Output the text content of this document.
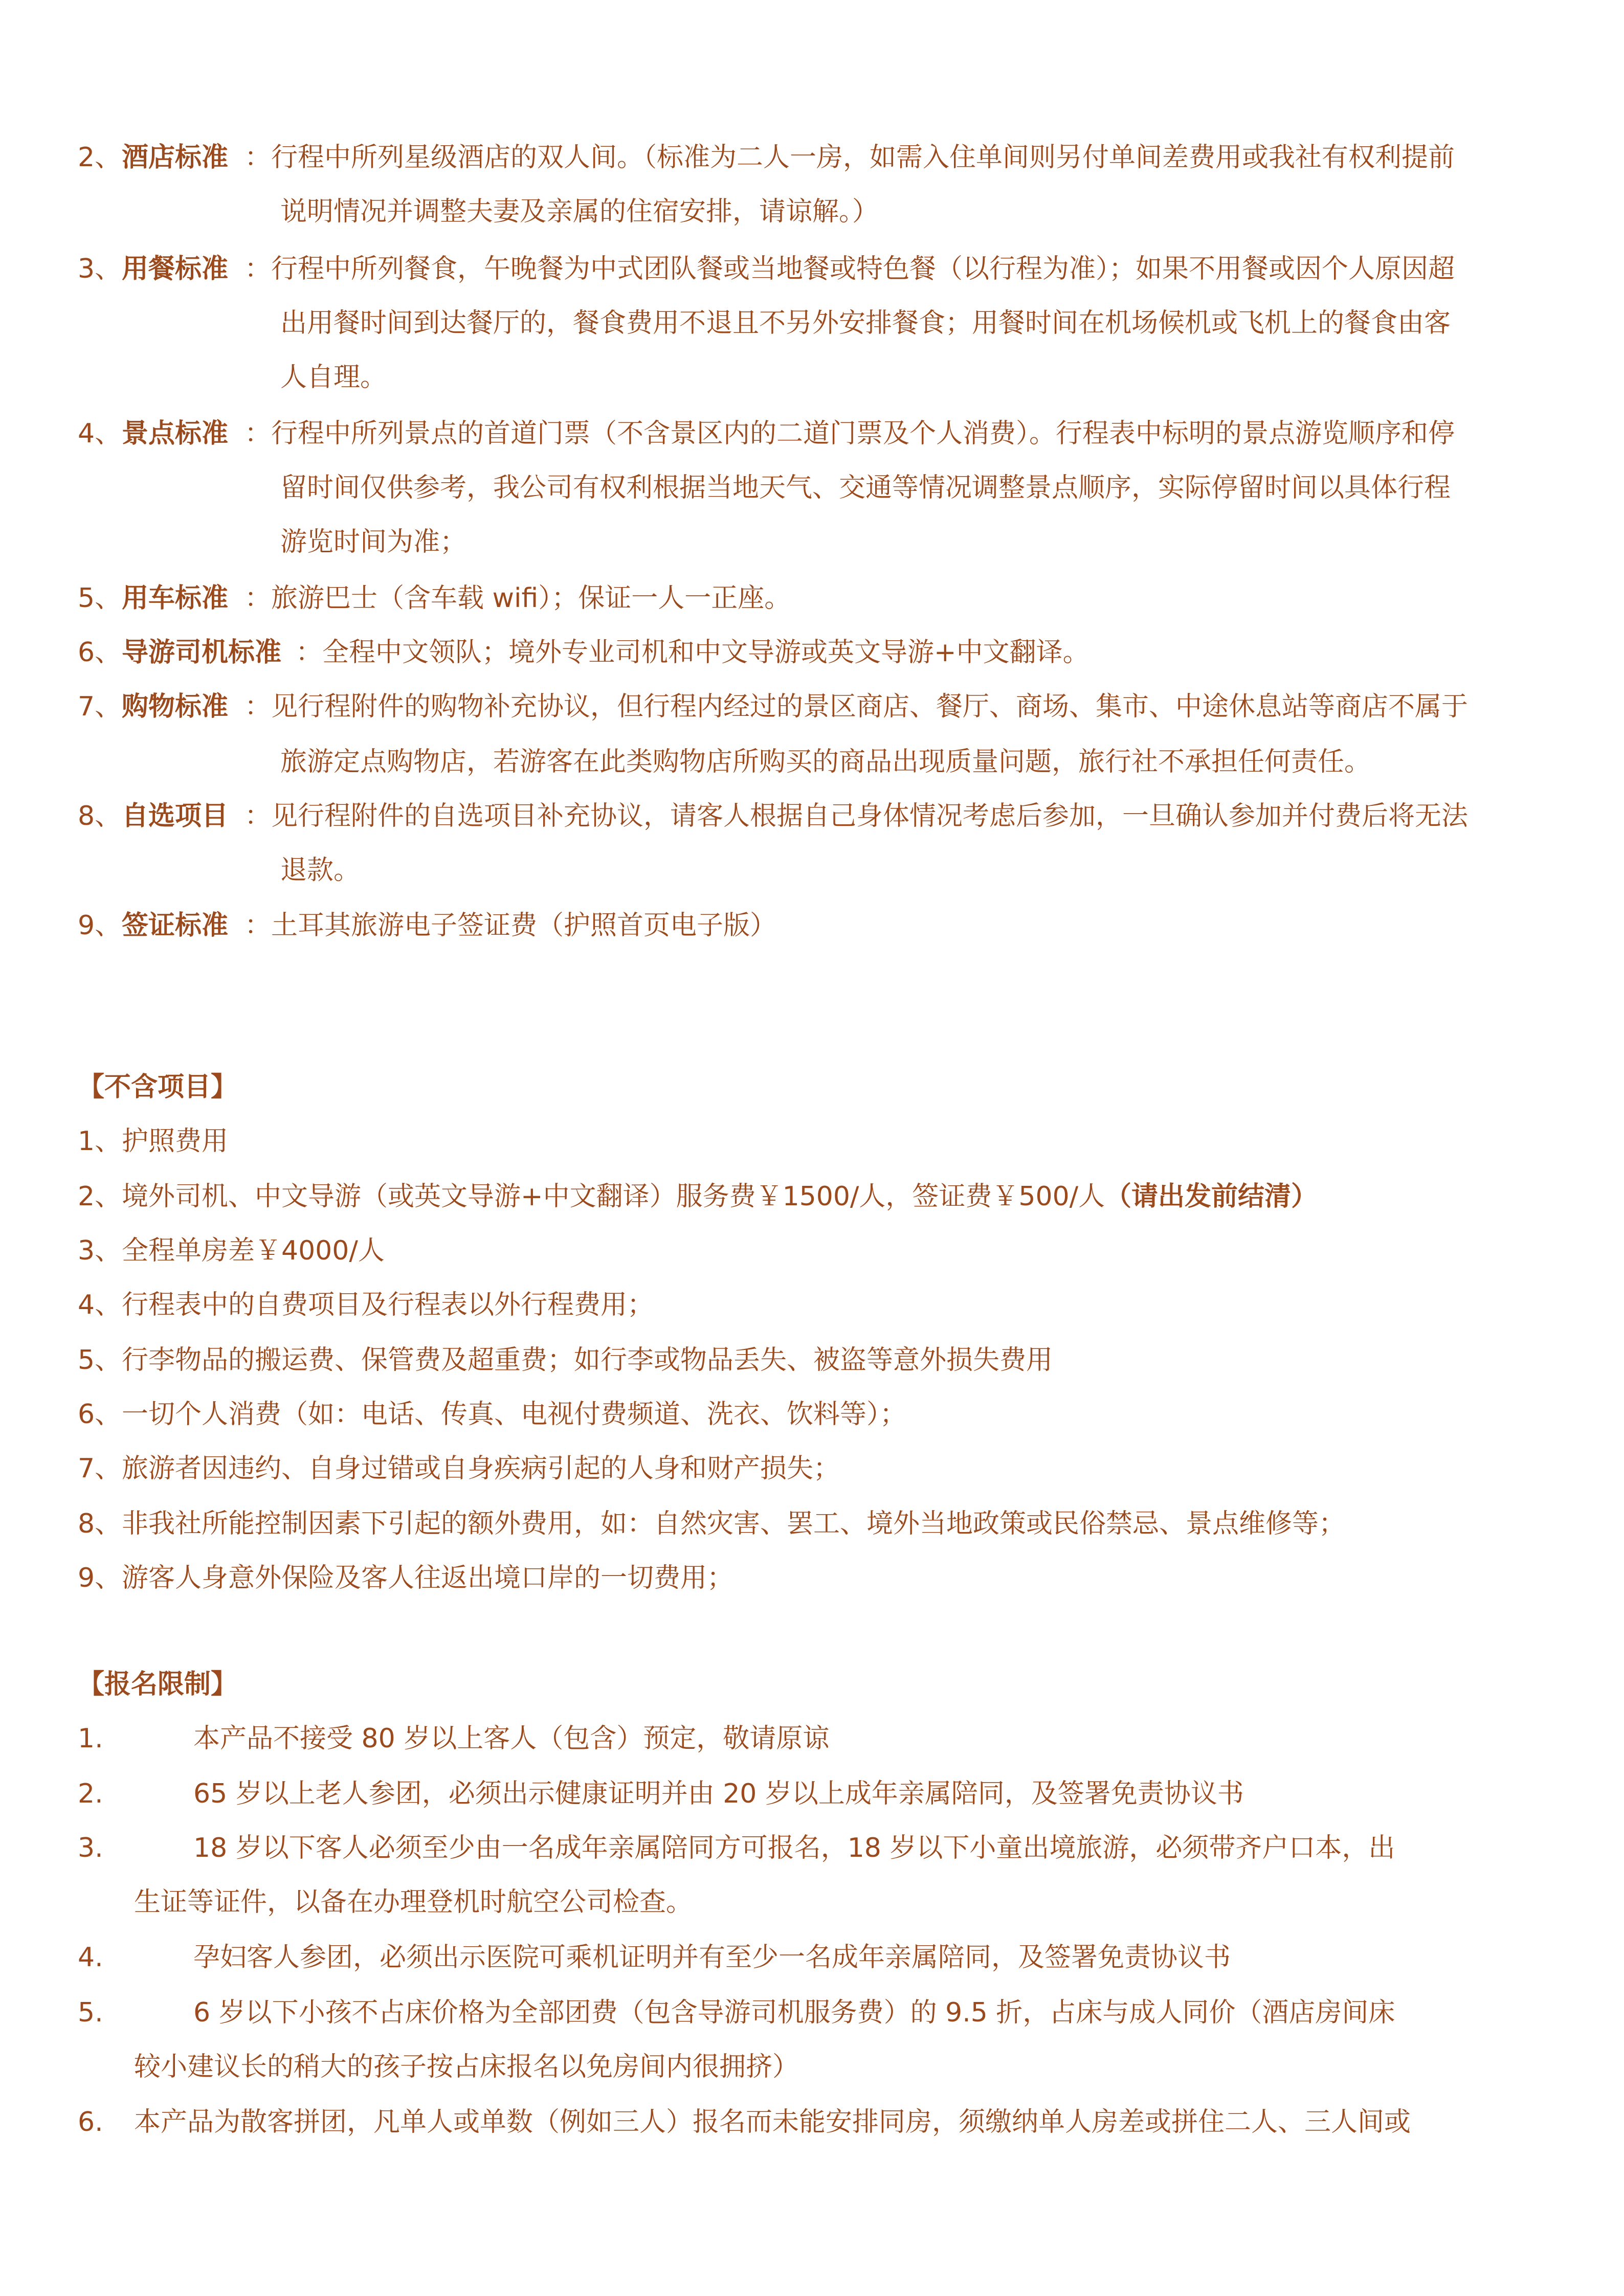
2、 酒店标准 ：行程中所列星级酒店的双人间。（标准为二人一房，如需入住单间则另付单间差费用或我社有权利提前
说明情况并调整夫妻及亲属的住宿安排，请谅解。）
3、 用餐标准 ：行程中所列餐食，午晚餐为中式团队餐或当地餐或特色餐（以行程为准）；如果不用餐或因个人原因超
出用餐时间到达餐厅的，餐食费用不退且不另外安排餐食；用餐时间在机场候机或飞机上的餐食由客
人自理。
4、 景点标准 ：行程中所列景点的首道门票（不含景区内的二道门票及个人消费）。行程表中标明的景点游览顺序和停
留时间仅供参考，我公司有权利根据当地天气、交通等情况调整景点顺序，实际停留时间以具体行程
游览时间为准；
5、 用车标准 ：旅游巴士（含车载 wifi）；保证一人一正座。
6、 导游司机标准 ：全程中文领队；境外专业司机和中文导游或英文导游+中文翻译。
7、 购物标准 ：见行程附件的购物补充协议，但行程内经过的景区商店、餐厅、商场、集市、中途休息站等商店不属于
旅游定点购物店，若游客在此类购物店所购买的商品出现质量问题，旅行社不承担任何责任。
8、 自选项目 ：见行程附件的自选项目补充协议，请客人根据自己身体情况考虑后参加，一旦确认参加并付费后将无法
退款。
9、 签证标准 ：土耳其旅游电子签证费（护照首页电子版）
【不含项目】
1、 护照费用
2、 境外司机、中文导游（或英文导游+中文翻译）服务费￥1500/人，签证费￥500/人 （请出发前结清）
3、 全程单房差￥4000/人
4、 行程表中的自费项目及行程表以外行程费用；
5、 行李物品的搬运费、保管费及超重费；如行李或物品丢失、被盗等意外损失费用
6、 一切个人消费（如：电话、传真、电视付费频道、洗衣、饮料等）；
7、 旅游者因违约、自身过错或自身疾病引起的人身和财产损失；
8、 非我社所能控制因素下引起的额外费用，如：自然灾害、罢工、境外当地政策或民俗禁忌、景点维修等；
9、 游客人身意外保险及客人往返出境口岸的一切费用；
【报名限制】
1.	本产品不接受 80 岁以上客人（包含）预定，敬请原谅
2.	65 岁以上老人参团，必须出示健康证明并由 20 岁以上成年亲属陪同，及签署免责协议书
3.	18 岁以下客人必须至少由一名成年亲属陪同方可报名，18 岁以下小童出境旅游，必须带齐户口本，出
生证等证件，以备在办理登机时航空公司检查。
4.	孕妇客人参团，必须出示医院可乘机证明并有至少一名成年亲属陪同，及签署免责协议书
5.	6 岁以下小孩不占床价格为全部团费（包含导游司机服务费）的 9.5 折，占床与成人同价（酒店房间床
较小建议长的稍大的孩子按占床报名以免房间内很拥挤）
6. 本产品为散客拼团，凡单人或单数（例如三人）报名而未能安排同房，须缴纳单人房差或拼住二人、三人间或
